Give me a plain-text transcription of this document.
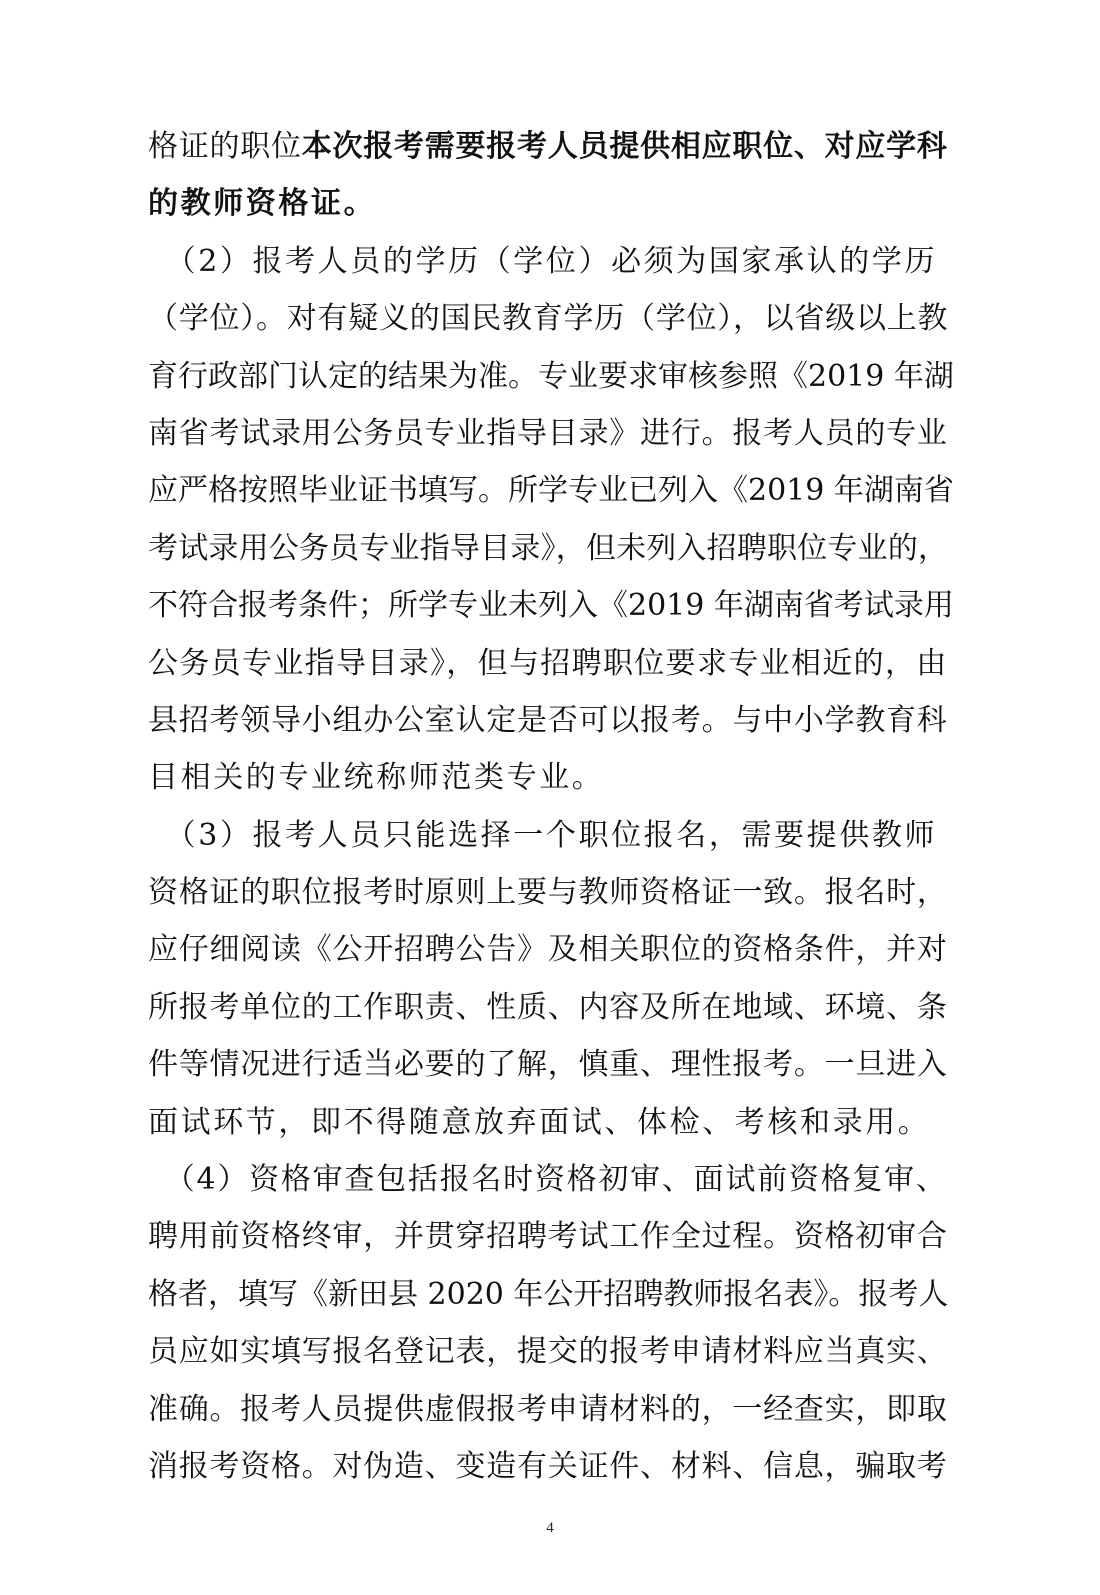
格证的职位本次报考需要报考人员提供相应职位、对应学科
的教师资格证。
　（2）报考人员的学历（学位）必须为国家承认的学历
（学位）。对有疑义的国民教育学历（学位），以省级以上教
育行政部门认定的结果为准。专业要求审核参照《2019 年湖
南省考试录用公务员专业指导目录》进行。报考人员的专业
应严格按照毕业证书填写。所学专业已列入《2019 年湖南省
考试录用公务员专业指导目录》，但未列入招聘职位专业的，
不符合报考条件；所学专业未列入《2019 年湖南省考试录用
公务员专业指导目录》，但与招聘职位要求专业相近的，由
县招考领导小组办公室认定是否可以报考。与中小学教育科
目相关的专业统称师范类专业。
　（3）报考人员只能选择一个职位报名，需要提供教师
资格证的职位报考时原则上要与教师资格证一致。报名时，
应仔细阅读《公开招聘公告》及相关职位的资格条件，并对
所报考单位的工作职责、性质、内容及所在地域、环境、条
件等情况进行适当必要的了解，慎重、理性报考。一旦进入
面试环节，即不得随意放弃面试、体检、考核和录用。
　（4）资格审查包括报名时资格初审、面试前资格复审、
聘用前资格终审，并贯穿招聘考试工作全过程。资格初审合
格者，填写《新田县 2020 年公开招聘教师报名表》。报考人
员应如实填写报名登记表，提交的报考申请材料应当真实、
准确。报考人员提供虚假报考申请材料的，一经查实，即取
消报考资格。对伪造、变造有关证件、材料、信息，骗取考
4
